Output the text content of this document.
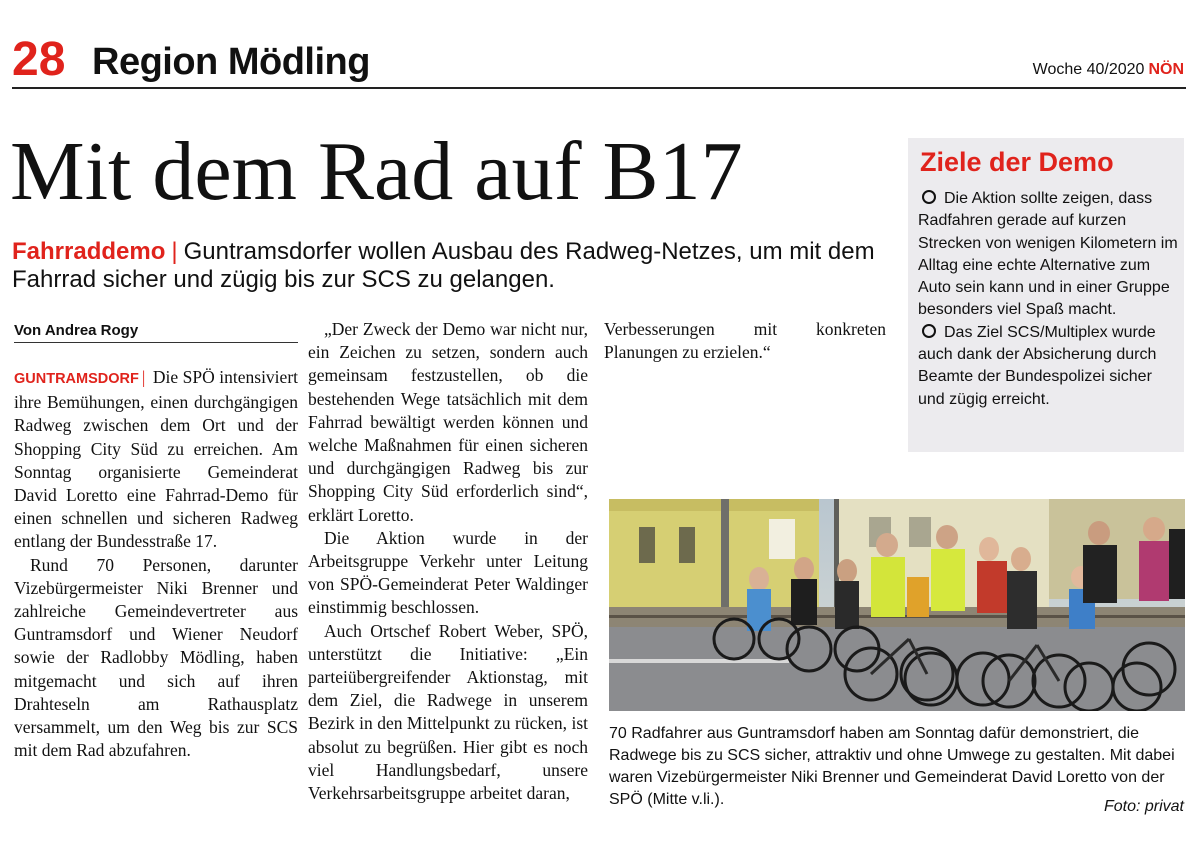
28 Region Mödling	Woche 40/2020 NÖN
Mit dem Rad auf B17
Fahrraddemo | Guntramsdorfer wollen Ausbau des Radweg-Netzes, um mit dem Fahrrad sicher und zügig bis zur SCS zu gelangen.
Von Andrea Rogy

GUNTRAMSDORF | Die SPÖ intensiviert ihre Bemühungen, einen durchgängigen Radweg zwischen dem Ort und der Shopping City Süd zu erreichen. Am Sonntag organisierte Gemeinderat David Loretto eine Fahrrad-Demo für einen schnellen und sicheren Radweg entlang der Bundesstraße 17.

Rund 70 Personen, darunter Vizebürgermeister Niki Brenner und zahlreiche Gemeindevertreter aus Guntramsdorf und Wiener Neudorf sowie der Radlobby Mödling, haben mitgemacht und sich auf ihren Drahteseln am Rathausplatz versammelt, um den Weg bis zur SCS mit dem Rad abzufahren.

„Der Zweck der Demo war nicht nur, ein Zeichen zu setzen, sondern auch gemeinsam festzustellen, ob die bestehenden Wege tatsächlich mit dem Fahrrad bewältigt werden können und welche Maßnahmen für einen sicheren und durchgängigen Radweg bis zur Shopping City Süd erforderlich sind“, erklärt Loretto.

Die Aktion wurde in der Arbeitsgruppe Verkehr unter Leitung von SPÖ-Gemeinderat Peter Waldinger einstimmig beschlossen.

Auch Ortschef Robert Weber, SPÖ, unterstützt die Initiative: „Ein parteiübergreifender Aktionstag, mit dem Ziel, die Radwege in unserem Bezirk in den Mittelpunkt zu rücken, ist absolut zu begrüßen. Hier gibt es noch viel Handlungsbedarf, unsere Verkehrsarbeitsgruppe arbeitet daran,

Verbesserungen mit konkreten Planungen zu erzielen.“

Ziele der Demo
Die Aktion sollte zeigen, dass Radfahren gerade auf kurzen Strecken von wenigen Kilometern im Alltag eine echte Alternative zum Auto sein kann und in einer Gruppe besonders viel Spaß macht.
Das Ziel SCS/Multiplex wurde auch dank der Absicherung durch Beamte der Bundespolizei sicher und zügig erreicht.
70 Radfahrer aus Guntramsdorf haben am Sonntag dafür demonstriert, die Radwege bis zu SCS sicher, attraktiv und ohne Umwege zu gestalten. Mit dabei waren Vizebürgermeister Niki Brenner und Gemeinderat David Loretto von der SPÖ (Mitte v.li.).	Foto: privat
